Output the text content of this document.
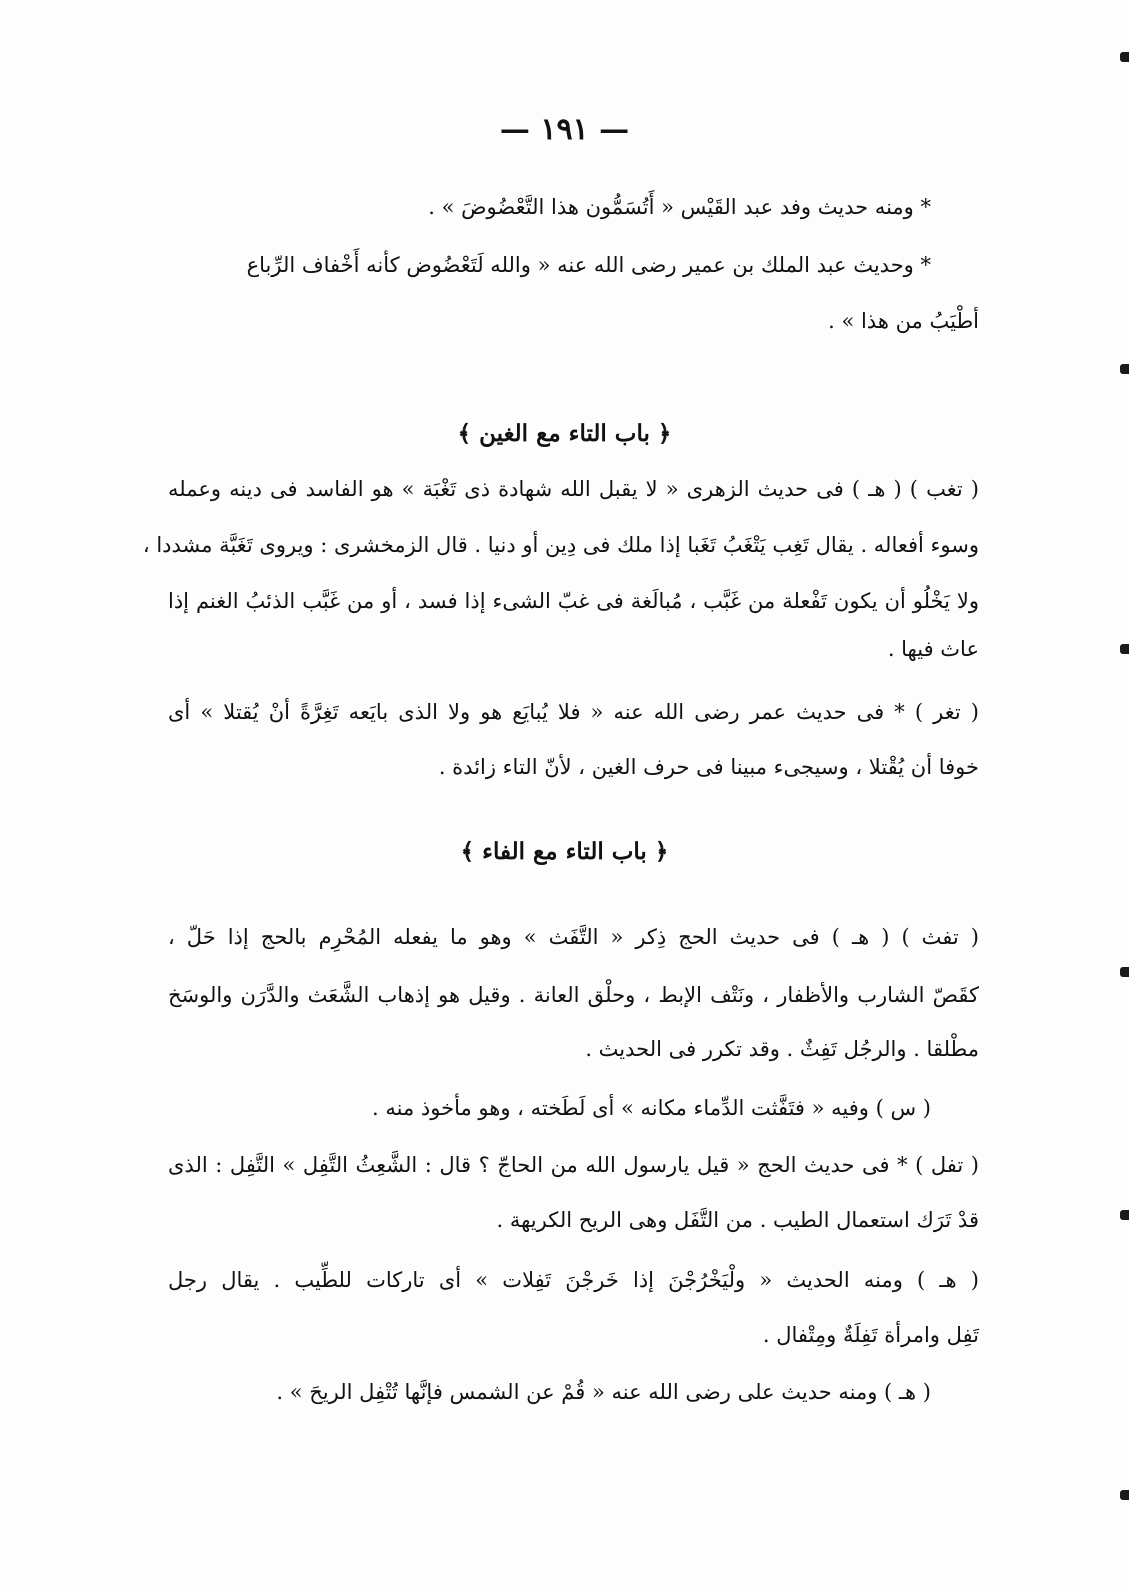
— ١٩١ —
* ومنه حديث وفد عبد القَيْس « أَتُسَمُّون هذا التَّعْضُوضَ » .
* وحديث عبد الملك بن عمير رضى الله عنه « والله لَتَعْضُوض كأنه أَخْفاف الرِّباع
أطْيَبُ من هذا » .
﴿ باب التاء مع الغين ﴾
( تغب ) ( هـ ) فى حديث الزهرى « لا يقبل الله شهادة ذى تَغْبَة » هو الفاسد فى دينه وعمله
وسوء أفعاله . يقال تَغِب يَتْغَبُ تَغَبا إذا ملك فى دِين أو دنيا . قال الزمخشرى : ويروى تَغَبَّة مشددا ،
ولا يَخْلُو أن يكون تَفْعلة من غَبَّب ، مُبالَغة فى غبّ الشىء إذا فسد ، أو من غَبَّب الذئبُ الغنم إذا
عاث فيها .
( تغر ) * فى حديث عمر رضى الله عنه « فلا يُبايَع هو ولا الذى بايَعه تَغِرَّةً أنْ يُقتلا » أى
خوفا أن يُقْتلا ، وسيجىء مبينا فى حرف الغين ، لأنّ التاء زائدة .
﴿ باب التاء مع الفاء ﴾
( تفث ) ( هـ ) فى حديث الحج ذِكر « التَّفَث » وهو ما يفعله المُحْرِم بالحج إذا حَلّ ،
كقَصّ الشارب والأظفار ، ونَتْف الإبط ، وحلْق العانة . وقيل هو إذهاب الشَّعَث والدَّرَن والوسَخ
مطْلقا . والرجُل تَفِثٌ . وقد تكرر فى الحديث .
( س ) وفيه « فتَفَّثت الدِّماء مكانه » أى لَطَخته ، وهو مأخوذ منه .
( تفل ) * فى حديث الحج « قيل يارسول الله من الحاجّ ؟ قال : الشَّعِثُ التَّفِل » التَّفِل : الذى
قدْ تَرَك استعمال الطيب . من التَّفَل وهى الريح الكريهة .
( هـ ) ومنه الحديث « ولْيَخْرُجْنَ إذا خَرجْنَ تَفِلات » أى تاركات للطِّيب . يقال رجل
تَفِل وامرأة تَفِلَةٌ ومِتْفال .
( هـ ) ومنه حديث على رضى الله عنه « قُمْ عن الشمس فإنَّها تُتْفِل الريحَ » .
